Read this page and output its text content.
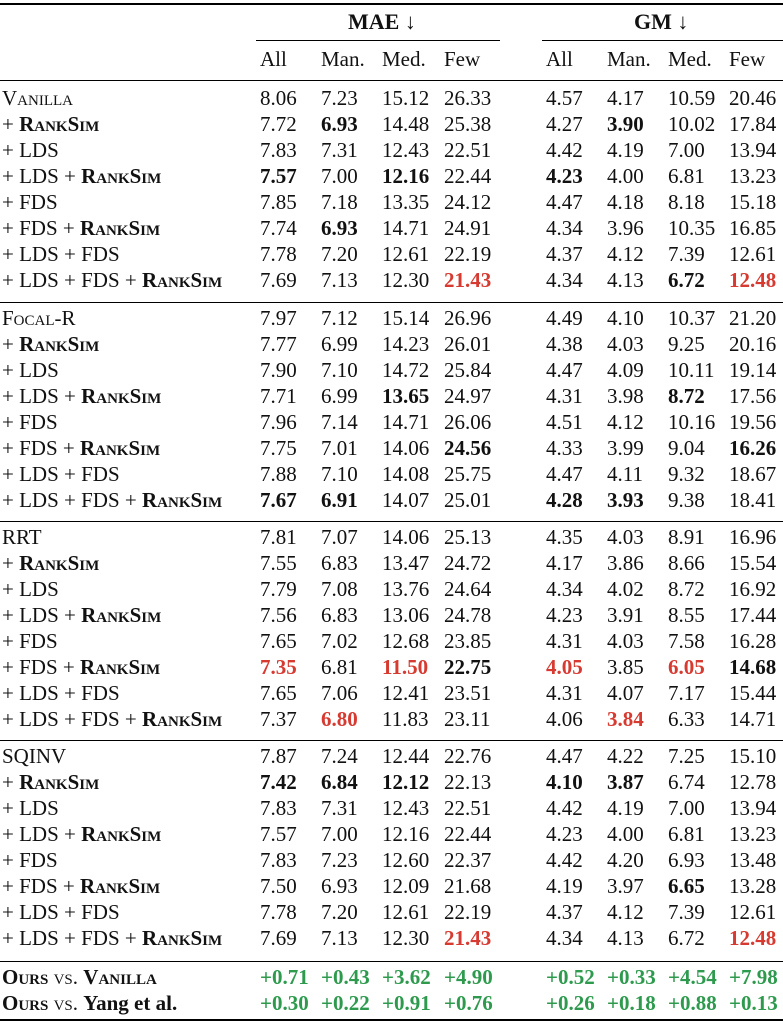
MAE ↓	GM ↓
All Man. Med. Few	All Man. Med. Few
Vanilla	8.06 7.23 15.12 26.33	4.57 4.17 10.59 20.46
+ RankSim	7.72 6.93 14.48 25.38	4.27 3.90 10.02 17.84
+ LDS	7.83 7.31 12.43 22.51	4.42 4.19 7.00 13.94
+ LDS + RankSim	7.57 7.00 12.16 22.44	4.23 4.00 6.81 13.23
+ FDS	7.85 7.18 13.35 24.12	4.47 4.18 8.18 15.18
+ FDS + RankSim	7.74 6.93 14.71 24.91	4.34 3.96 10.35 16.85
+ LDS + FDS	7.78 7.20 12.61 22.19	4.37 4.12 7.39 12.61
+ LDS + FDS + RankSim 7.69 7.13 12.30 21.43	4.34 4.13 6.72 12.48
Focal-R	7.97 7.12 15.14 26.96	4.49 4.10 10.37 21.20
+ RankSim	7.77 6.99 14.23 26.01	4.38 4.03 9.25 20.16
+ LDS	7.90 7.10 14.72 25.84	4.47 4.09 10.11 19.14
+ LDS + RankSim	7.71 6.99 13.65 24.97	4.31 3.98 8.72 17.56
+ FDS	7.96 7.14 14.71 26.06	4.51 4.12 10.16 19.56
+ FDS + RankSim	7.75 7.01 14.06 24.56	4.33 3.99 9.04 16.26
+ LDS + FDS	7.88 7.10 14.08 25.75	4.47 4.11 9.32 18.67
+ LDS + FDS + RankSim 7.67 6.91 14.07 25.01	4.28 3.93 9.38 18.41
RRT	7.81 7.07 14.06 25.13	4.35 4.03 8.91 16.96
+ RankSim	7.55 6.83 13.47 24.72	4.17 3.86 8.66 15.54
+ LDS	7.79 7.08 13.76 24.64	4.34 4.02 8.72 16.92
+ LDS + RankSim	7.56 6.83 13.06 24.78	4.23 3.91 8.55 17.44
+ FDS	7.65 7.02 12.68 23.85	4.31 4.03 7.58 16.28
+ FDS + RankSim	7.35 6.81 11.50 22.75	4.05 3.85 6.05 14.68
+ LDS + FDS	7.65 7.06 12.41 23.51	4.31 4.07 7.17 15.44
+ LDS + FDS + RankSim 7.37 6.80 11.83 23.11	4.06 3.84 6.33 14.71
SQINV	7.87 7.24 12.44 22.76	4.47 4.22 7.25 15.10
+ RankSim	7.42 6.84 12.12 22.13	4.10 3.87 6.74 12.78
+ LDS	7.83 7.31 12.43 22.51	4.42 4.19 7.00 13.94
+ LDS + RankSim	7.57 7.00 12.16 22.44	4.23 4.00 6.81 13.23
+ FDS	7.83 7.23 12.60 22.37	4.42 4.20 6.93 13.48
+ FDS + RankSim	7.50 6.93 12.09 21.68	4.19 3.97 6.65 13.28
+ LDS + FDS	7.78 7.20 12.61 22.19	4.37 4.12 7.39 12.61
+ LDS + FDS + RankSim 7.69 7.13 12.30 21.43	4.34 4.13 6.72 12.48
Ours vs. Vanilla	+0.71 +0.43 +3.62 +4.90	+0.52 +0.33 +4.54 +7.98
Ours vs. Yang et al.	+0.30 +0.22 +0.91 +0.76	+0.26 +0.18 +0.88 +0.13
